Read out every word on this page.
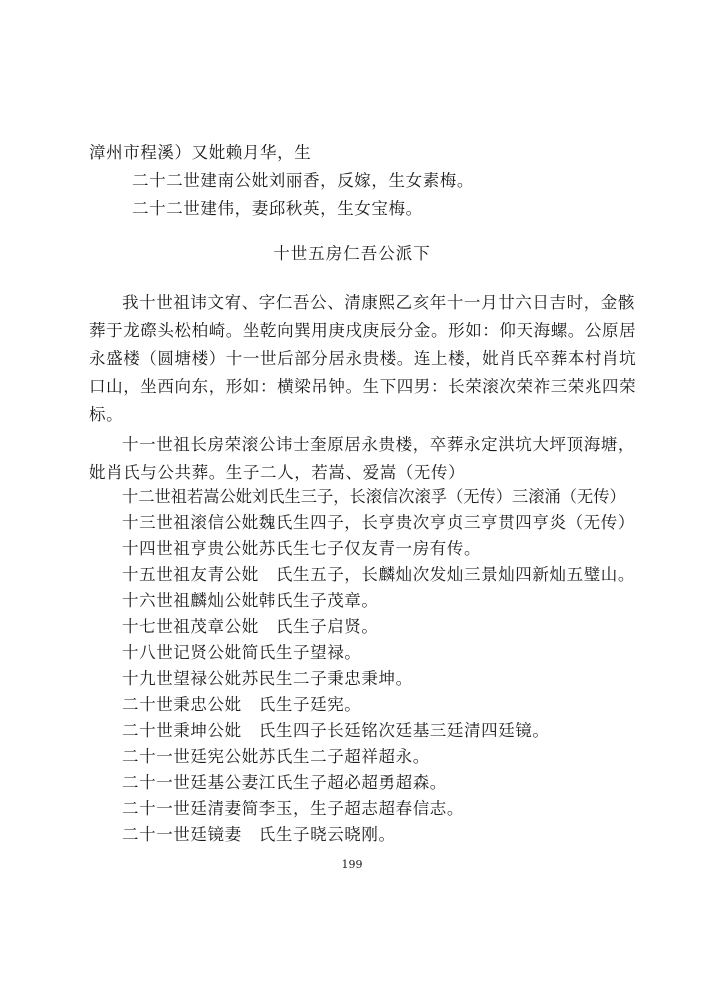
漳州市程溪）又妣赖月华，生
二十二世建南公妣刘丽香，反嫁，生女素梅。
二十二世建伟，妻邱秋英，生女宝梅。
十世五房仁吾公派下
我十世祖讳文宥、字仁吾公、清康熙乙亥年十一月廿六日吉时，金骸
葬于龙磜头松柏崎。坐乾向巽用庚戌庚辰分金。形如：仰天海螺。公原居
永盛楼（圆塘楼）十一世后部分居永贵楼。连上楼，妣肖氏卒葬本村肖坑
口山，坐西向东，形如：横梁吊钟。生下四男：长荣滚次荣祚三荣兆四荣
标。
十一世祖长房荣滚公讳士奎原居永贵楼，卒葬永定洪坑大坪顶海塘，
妣肖氏与公共葬。生子二人，若嵩、爱嵩（无传）
十二世祖若嵩公妣刘氏生三子，长滚信次滚孚（无传）三滚涌（无传）
十三世祖滚信公妣魏氏生四子，长亨贵次亨贞三亨贯四亨炎（无传）
十四世祖亨贵公妣苏氏生七子仅友青一房有传。
十五世祖友青公妣　氏生五子，长麟灿次发灿三景灿四新灿五璧山。
十六世祖麟灿公妣韩氏生子茂章。
十七世祖茂章公妣　氏生子启贤。
十八世记贤公妣简氏生子望禄。
十九世望禄公妣苏民生二子秉忠秉坤。
二十世秉忠公妣　氏生子廷宪。
二十世秉坤公妣　氏生四子长廷铭次廷基三廷清四廷镜。
二十一世廷宪公妣苏氏生二子超祥超永。
二十一世廷基公妻江氏生子超必超勇超森。
二十一世廷清妻简李玉，生子超志超春信志。
二十一世廷镜妻　氏生子晓云晓刚。
199
